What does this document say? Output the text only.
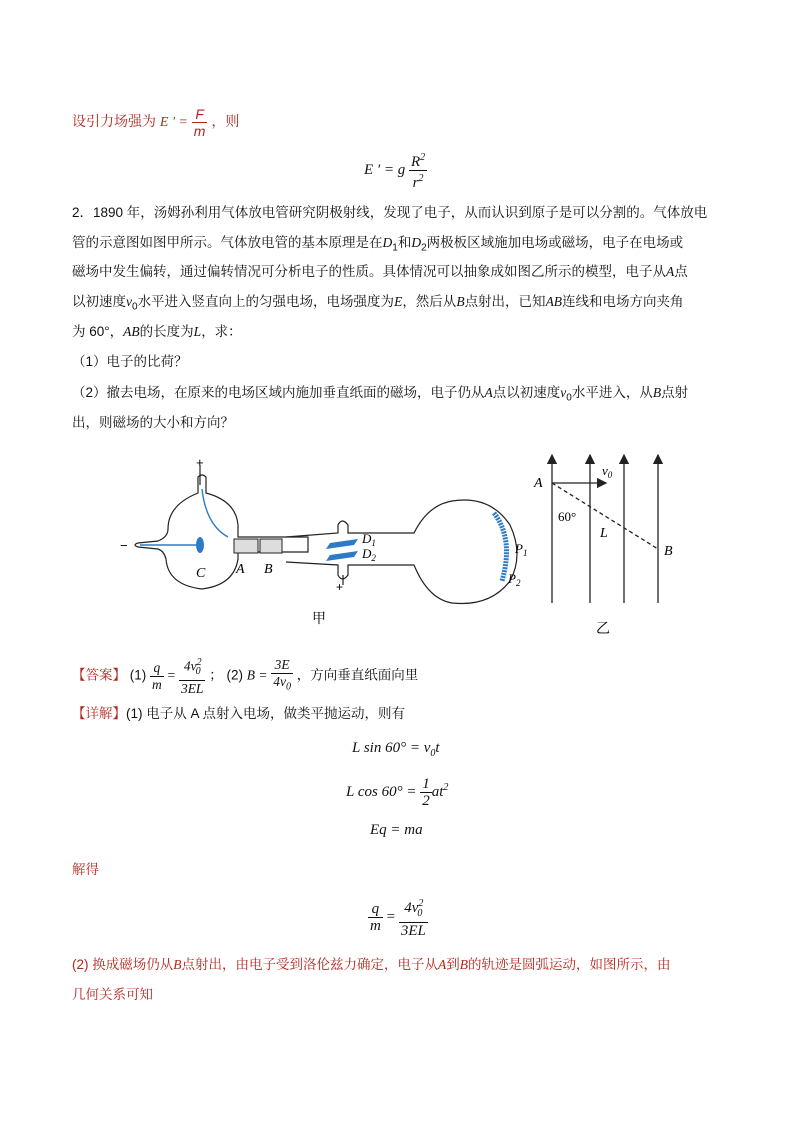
设引力场强为 E ' = $\frac{F}{m}$ ，则
E ' = g $\frac{R^2}{r^2}$
2．1890 年，汤姆孙利用气体放电管研究阴极射线，发现了电子，从而认识到原子是可以分割的。气体放电
管的示意图如图甲所示。气体放电管的基本原理是在$D_1$和$D_2$两极板区域施加电场或磁场，电子在电场或
磁场中发生偏转，通过偏转情况可分析电子的性质。具体情况可以抽象成如图乙所示的模型，电子从A点
以初速度$v_0$水平进入竖直向上的匀强电场，电场强度为E，然后从B点射出，已知AB连线和电场方向夹角
为 60°，AB的长度为L，求：
（1）电子的比荷？
（2）撤去电场，在原来的电场区域内施加垂直纸面的磁场，电子仍从A点以初速度$v_0$水平进入，从B点射
出，则磁场的大小和方向？
+
−
C A B
+
$D_1$
$D_2$
$P_1$
$P_2$
甲
A
B
$v_0$
60°
L
乙
【答案】 $(1) \frac{q}{m} = \frac{4v^2_0}{3EL}$ ； (2) $B = \frac{3E}{4v_0}$ ，方向垂直纸面向里
【详解】(1) 电子从 A 点射入电场，做类平抛运动，则有
L $\sin 60^\circ = v_0t$
L $\cos 60^\circ = \frac{1}{2} at^2$
Eq = ma
解得
$\frac{q}{m} = \frac{4v^2_0}{3EL}$
(2) 换成磁场仍从B点射出，由电子受到洛伦兹力确定，电子从A到B的轨迹是圆弧运动，如图所示，由
几何关系可知
